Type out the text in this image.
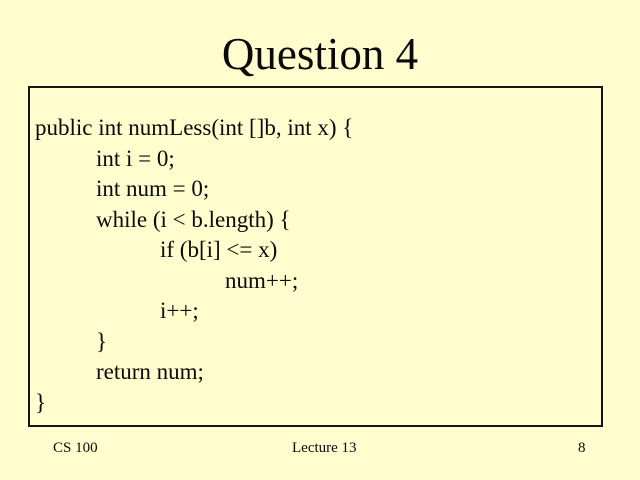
Question 4
public int numLess(int []b, int x) {
int i = 0;
int num = 0;
while (i < b.length) {
if (b[i] <= x)
num++;
i++;
}
return num;
}
CS 100	Lecture 13	8
